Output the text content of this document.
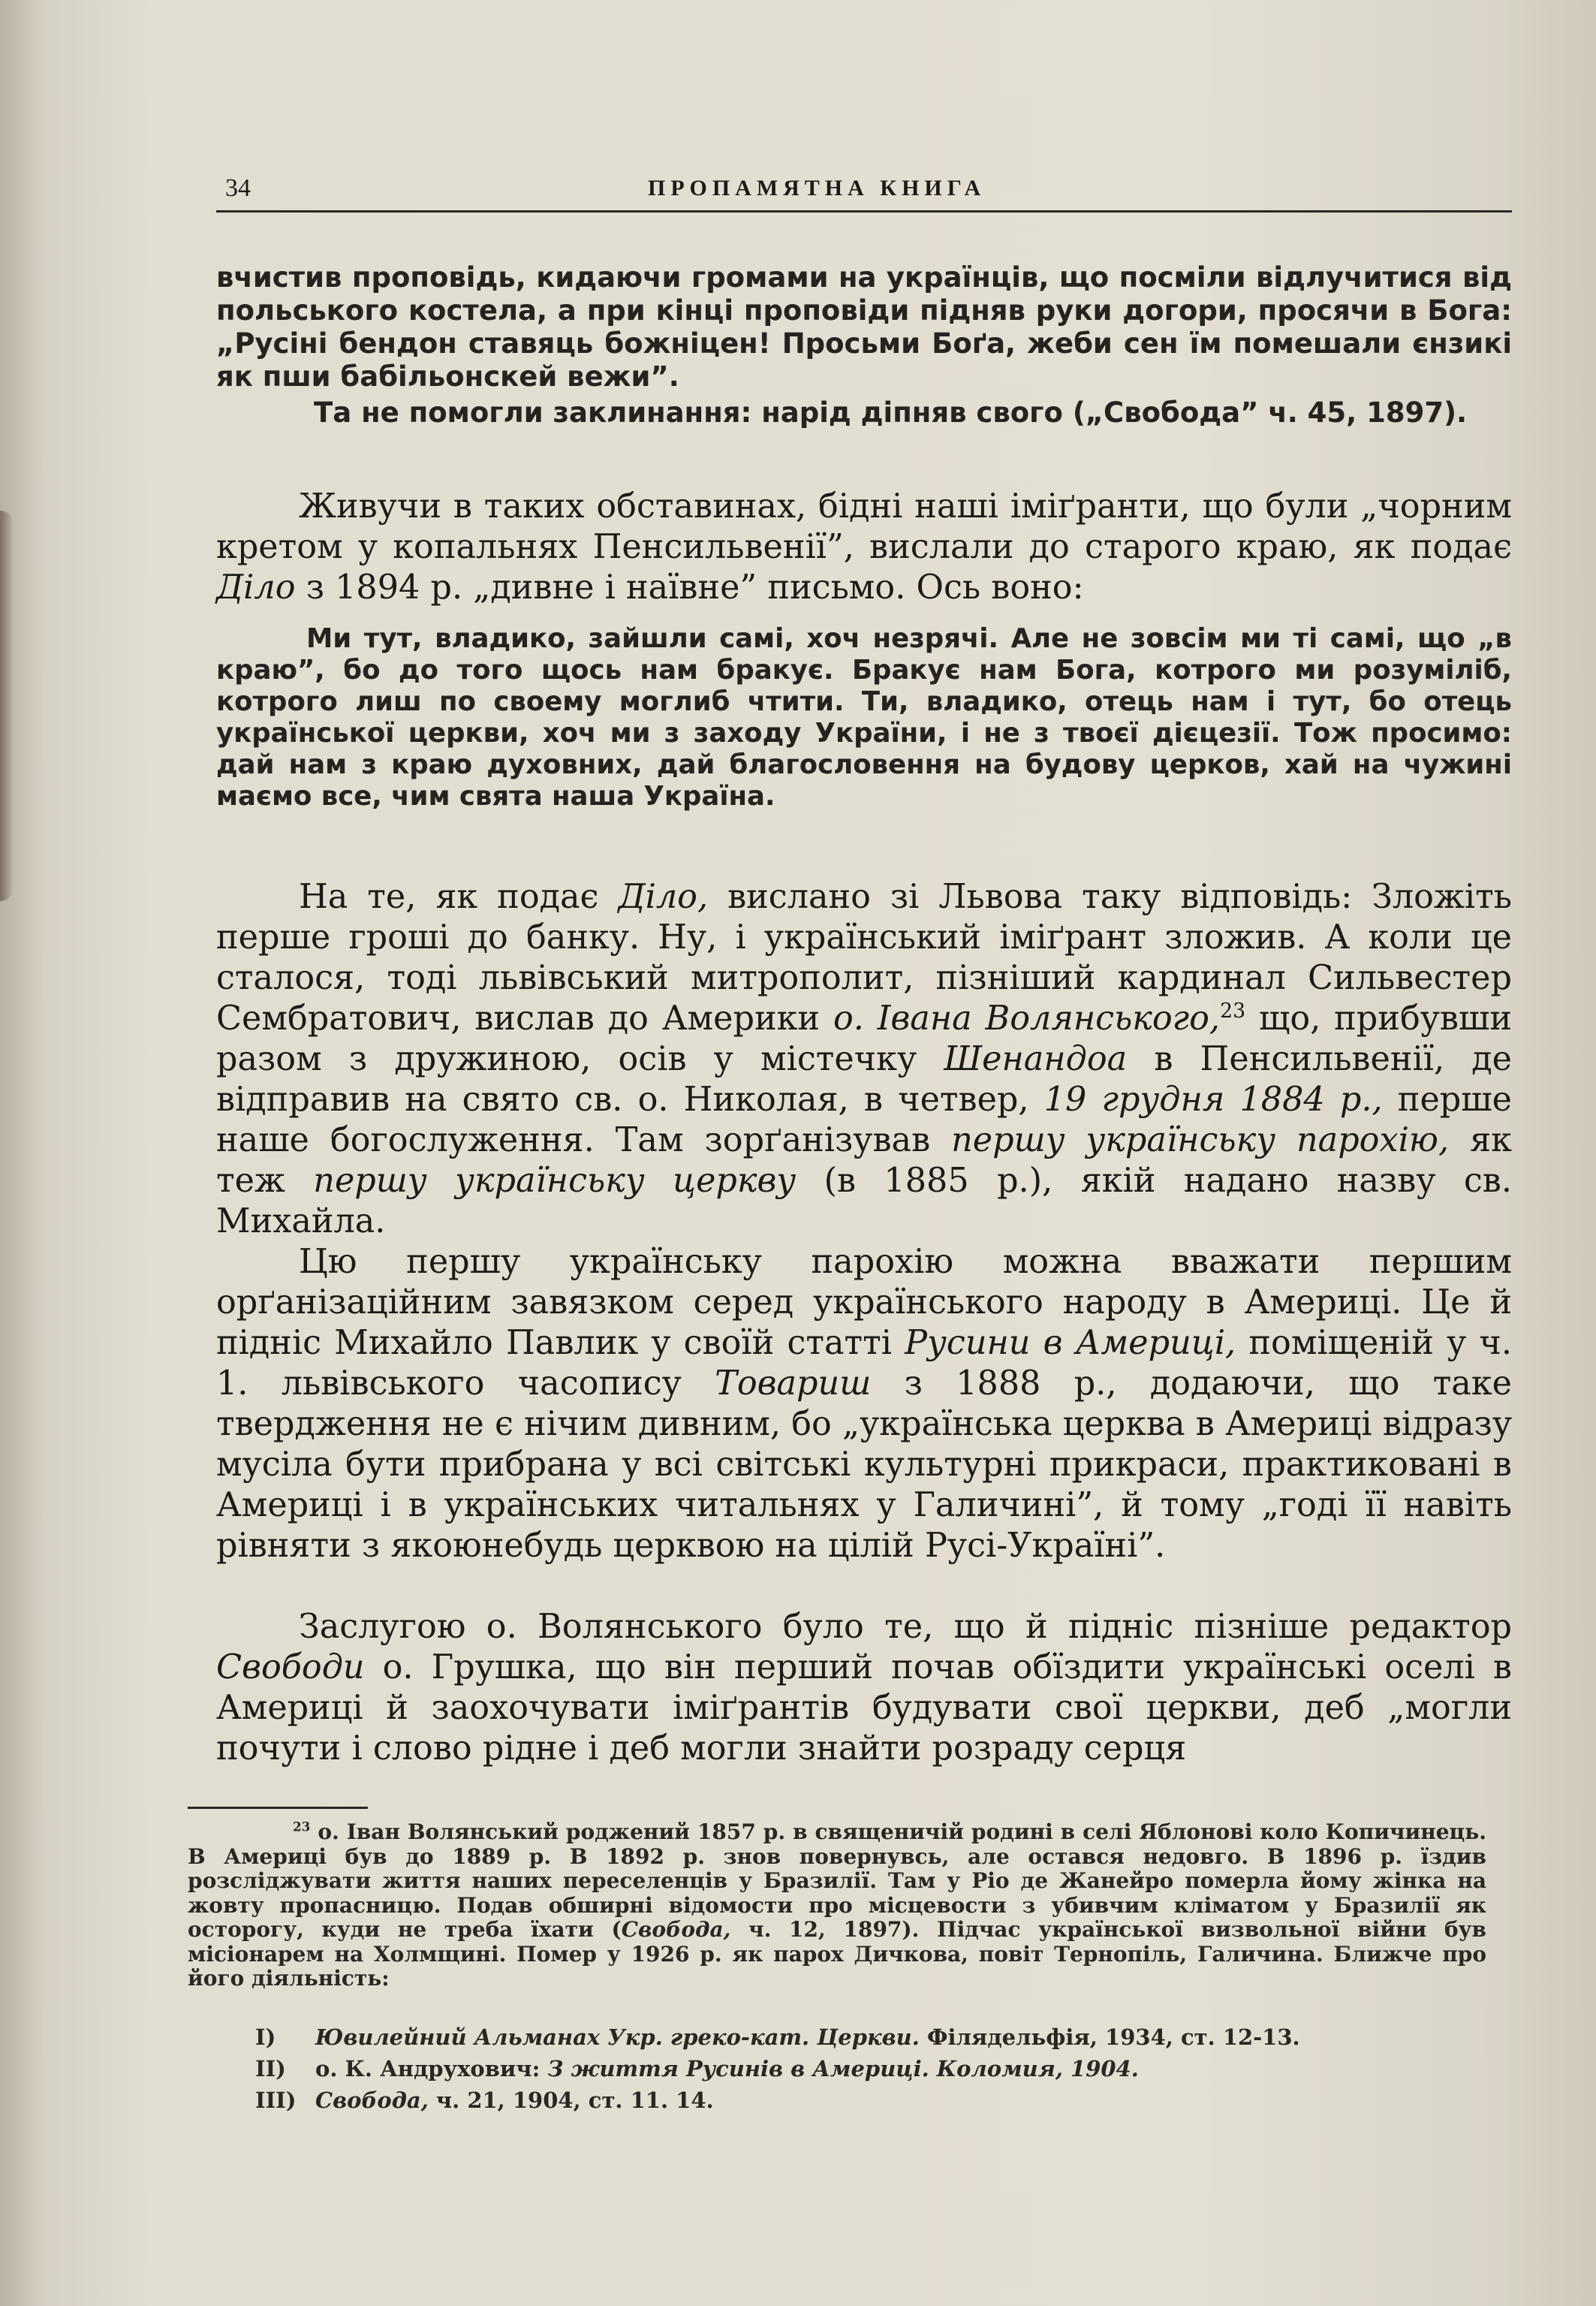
34	ПРОПАМЯТНА КНИГА

вчистив проповідь, кидаючи громами на українців, що посміли відлучитися від польського костела, а при кінці проповіди підняв руки догори, просячи в Бога: „Русіні бендон ставяць божніцен! Просьми Боґа, жеби сен їм помешали єнзикі як пши бабільонскей вежи”.

Та не помогли заклинання: нарід діпняв свого („Свобода” ч. 45, 1897).

Живучи в таких обставинах, бідні наші іміґранти, що були „чорним кретом у копальнях Пенсильвенії”, вислали до старого краю, як подає Діло з 1894 р. „дивне і наївне” письмо. Ось воно:

Ми тут, владико, зайшли самі, хоч незрячі. Але не зовсім ми ті самі, що „в краю”, бо до того щось нам бракує. Бракує нам Бога, котрого ми розуміліб, котрого лиш по своему моглиб чтити. Ти, владико, отець нам і тут, бо отець української церкви, хоч ми з заходу України, і не з твоєї дієцезії. Тож просимо: дай нам з краю духовних, дай благословення на будову церков, хай на чужині маємо все, чим свята наша Україна.

На те, як подає Діло, вислано зі Львова таку відповідь: Зложіть перше гроші до банку. Ну, і український іміґрант зложив. А коли це сталося, тоді львівський митрополит, пізніший кардинал Сильвестер Сембратович, вислав до Америки о. Івана Волянського,$^{23}$ що, прибувши разом з дружиною, осів у містечку Шенандоа в Пенсильвенії, де відправив на свято св. о. Николая, в четвер, 19 грудня 1884 р., перше наше богослуження. Там зорґанізував першу українську парохію, як теж першу українську церкву (в 1885 р.), якій надано назву св. Михайла.

Цю першу українську парохію можна вважати першим орґанізаційним завязком серед українського народу в Америці. Це й підніс Михайло Павлик у своїй статті Русини в Америці, поміщеній у ч. 1. львівського часопису Товариш з 1888 р., додаючи, що таке твердження не є нічим дивним, бо „українська церква в Америці відразу мусіла бути прибрана у всі світські культурні прикраси, практиковані в Америці і в українських читальнях у Галичині”, й тому „годі її навіть рівняти з якоюнебудь церквою на цілій Русі-Україні”.

Заслугою о. Волянського було те, що й підніс пізніше редактор Свободи о. Грушка, що він перший почав обїздити українські оселі в Америці й заохочувати іміґрантів будувати свої церкви, деб „могли почути і слово рідне і деб могли знайти розраду серця

$^{23}$ о. Іван Волянський роджений 1857 р. в священичій родині в селі Яблонові коло Копичинець. В Америці був до 1889 р. В 1892 р. знов повернувсь, але остався недовго. В 1896 р. їздив розсліджувати життя наших переселенців у Бразилії. Там у Ріо де Жанейро померла йому жінка на жовту пропасницю. Подав обширні відомости про місцевости з убивчим кліматом у Бразилії як осторогу, куди не треба їхати (Свобода, ч. 12, 1897). Підчас української визвольної війни був місіонарем на Холмщині. Помер у 1926 р. як парох Дичкова, повіт Тернопіль, Галичина. Ближче про його діяльність:

I) Ювилейний Альманах Укр. греко-кат. Церкви. Філядельфія, 1934, ст. 12-13.

II) о. К. Андрухович: З життя Русинів в Америці. Коломия, 1904.

III) Свобода, ч. 21, 1904, ст. 11. 14.
